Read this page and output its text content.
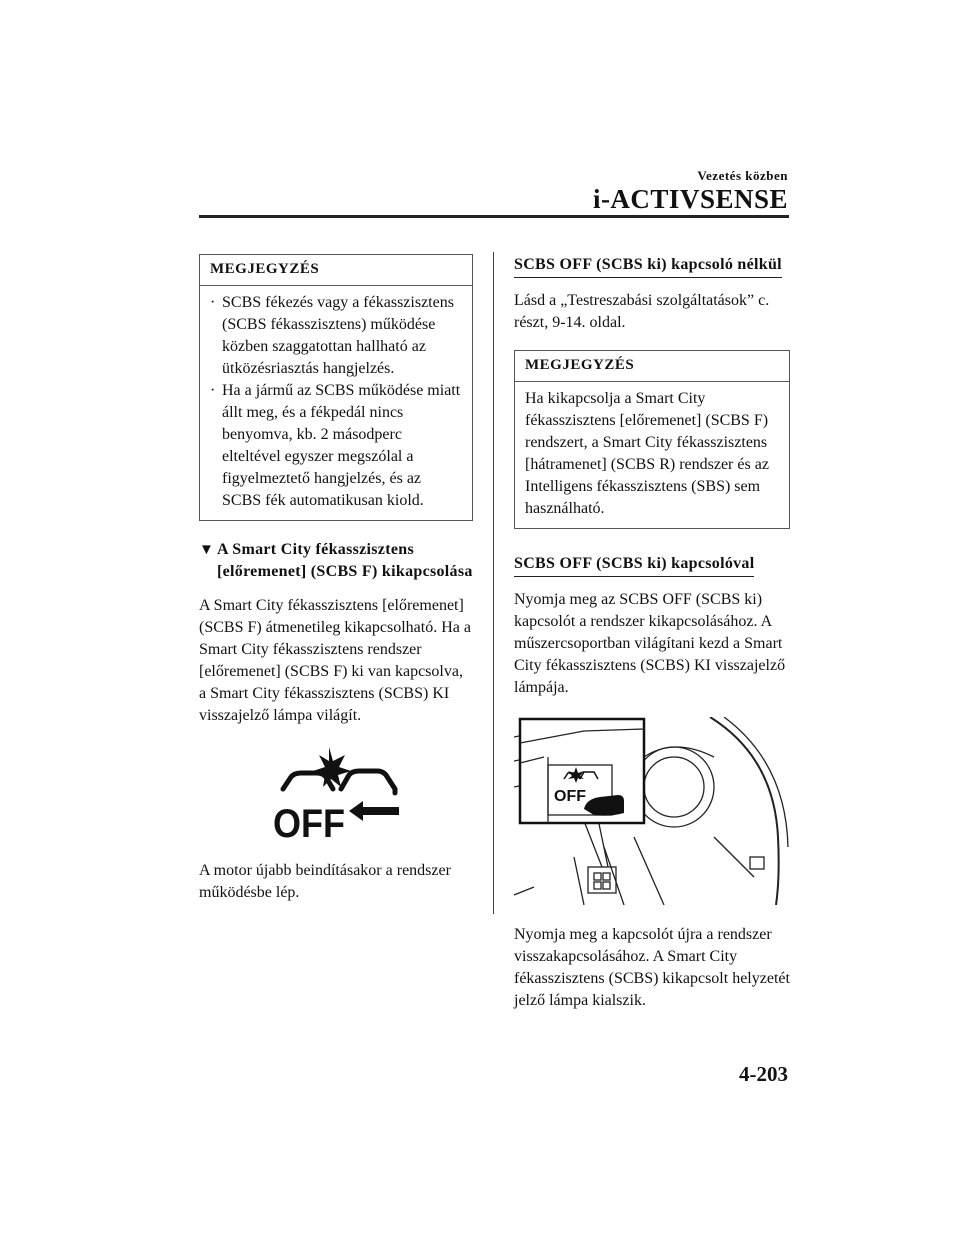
Vezetés közben
i-ACTIVSENSE
MEGJEGYZÉS
· SCBS fékezés vagy a fékasszisztens (SCBS fékasszisztens) működése közben szaggatottan hallható az ütközésriasztás hangjelzés.
· Ha a jármű az SCBS működése miatt állt meg, és a fékpedál nincs benyomva, kb. 2 másodperc elteltével egyszer megszólal a figyelmeztető hangjelzés, és az SCBS fék automatikusan kiold.
▼ A Smart City fékasszisztens [előremenet] (SCBS F) kikapcsolása
A Smart City fékasszisztens [előremenet] (SCBS F) átmenetileg kikapcsolható. Ha a Smart City fékasszisztens rendszer [előremenet] (SCBS F) ki van kapcsolva, a Smart City fékasszisztens (SCBS) KI visszajelző lámpa világít.
OFF
A motor újabb beindításakor a rendszer működésbe lép.
SCBS OFF (SCBS ki) kapcsoló nélkül
Lásd a „Testreszabási szolgáltatások” c. részt, 9-14. oldal.
MEGJEGYZÉS
Ha kikapcsolja a Smart City fékasszisztens [előremenet] (SCBS F) rendszert, a Smart City fékasszisztens [hátramenet] (SCBS R) rendszer és az Intelligens fékasszisztens (SBS) sem használható.
SCBS OFF (SCBS ki) kapcsolóval
Nyomja meg az SCBS OFF (SCBS ki) kapcsolót a rendszer kikapcsolásához. A műszercsoportban világítani kezd a Smart City fékasszisztens (SCBS) KI visszajelző lámpája.
OFF
Nyomja meg a kapcsolót újra a rendszer visszakapcsolásához. A Smart City fékasszisztens (SCBS) kikapcsolt helyzetét jelző lámpa kialszik.
4-203
